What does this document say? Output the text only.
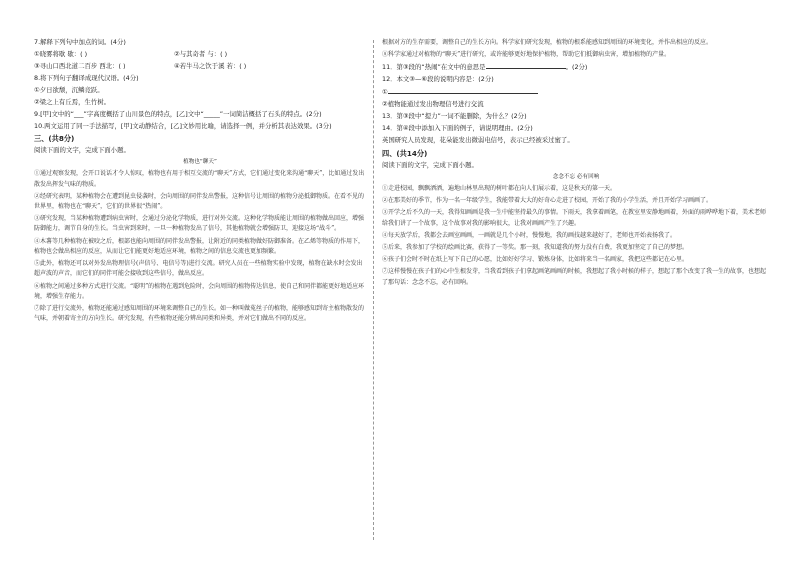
7.解释下列句中加点的词。(4分)
①晓雾将歇 歇：( )	②与其奇者 与：( )
③寻山口西北道二百步 西北：( )	④若牛马之饮于溪 若：( )
8.将下列句子翻译成现代汉语。(4分)
①夕日欲颓，沉鳞竞跃。
②梁之上有丘焉，生竹树。
9.[甲]文中的“___”字高度概括了山川景色的特点，[乙]文中“_____”一词简洁概括了石头的特点。(2分)
10.两文运用了同一手法描写，[甲]文动静结合，[乙]文妙用比喻，请选择一例，并分析其表达效果。(3分)
三、(共8分)
阅读下面的文字，完成下面小题。
植物也“聊天”
①通过观察发现，会开口说话才令人惊叹，植物也有用于相互交流的“聊天”方式，它们通过变化来沟通“聊天”，比如通过发出散发出挥发气味的物质。
②经研究表明，某种植物会在遭到昆虫侵袭时，会向周围的同伴发出警报，这种信号让周围的植物分泌抵御物质。在看不见的世界里，植物也在“聊天”，它们的世界很“热闹”。
③研究发现，当某种植物遭到病虫害时，会通过分泌化学物质，进行对外交流。这种化学物质能让周围的植物做出回应，增强防御能力，调节自身的生长。当虫害到来时，一旦一种植物发出了信号，其他植物就会增强防卫，迎接这场“战斗”。
④木薯等几种植物在被咬之后，根部也能向周围的同伴发出警报，让附近的同类植物做好防御准备。在乙烯等物质的作用下，植物也会做出相应的反应，从而让它们能更好地适应环境，植物之间的信息交流也更加频繁。
⑤此外，植物还可以对外发出物理信号(声信号、电信号等)进行交流。研究人员在一些植物实验中发现，植物在缺水时会发出超声波的声音，而它们的同伴可能会接收到这些信号，做出反应。
⑥植物之间通过多种方式进行交流。“聪明”的植物在遇到危险时，会向周围的植物传达信息，使自己和同伴都能更好地适应环境，增强生存能力。
⑦除了进行交流外，植物还能通过感知周围的环境来调整自己的生长。如一种叫做菟丝子的植物，能够感知到寄主植物散发的气味，并朝着寄主的方向生长。研究发现，有些植物还能分辨出同类和异类，并对它们做出不同的反应。
根据对方的生存需要，调整自己的生长方向。科学家们研究发现，植物的根系能感知到周围的环境变化，并作出相应的反应。
⑧科学家通过对植物的“聊天”进行研究，或许能够更好地保护植物，帮助它们抵御病虫害，增加植物的产量。
11．第③段的“热闹”在文中的意思是	。(2分)
12．本文③—⑥段的说明内容是：(2分)
①
②植物能通过发出物理信号进行交流
13．第③段中“提力”一词不能删除，为什么？(2分)
14．第④段中添加入下面的例子，请说明理由。(2分)
英国研究人员发现，花朵能发出微弱电信号，表示已经被采过蜜了。
四、(共14分)
阅读下面的文字，完成下面小题。
念念不忘 必有回响
①走进校园，飘飘洒洒，遍地山林里出现的树叶都在向人们展示着，这是秋天的第一天。
②在那美好的季节，作为一名一年级学生，我能带着大大的好奇心走进了校园，开始了我的小学生活，并且开始学习画画了。
③开学之后不久的一天，我得知画画是我一生中能坚持最久的事情。下雨天，我拿着画笔，在教室里安静地画着，外面的雨哗哗地下着，美术老师给我们讲了一个故事，这个故事对我的影响很大，让我对画画产生了兴趣。
④每天放学后，我都会去画室画画，一画就是几个小时，慢慢地，我的画技越来越好了，老师也开始表扬我了。
⑤后来，我参加了学校的绘画比赛，获得了一等奖。那一刻，我知道我的努力没有白费，我更加坚定了自己的梦想。
⑥孩子们会时不时在纸上写下自己的心愿，比如好好学习、锻炼身体，比如将来当一名画家，我把这些都记在心里。
⑦这样慢慢在孩子们的心中生根发芽，当我看到孩子们拿起画笔画画的时候，我想起了我小时候的样子，想起了那个改变了我一生的故事，也想起了那句话：念念不忘，必有回响。
